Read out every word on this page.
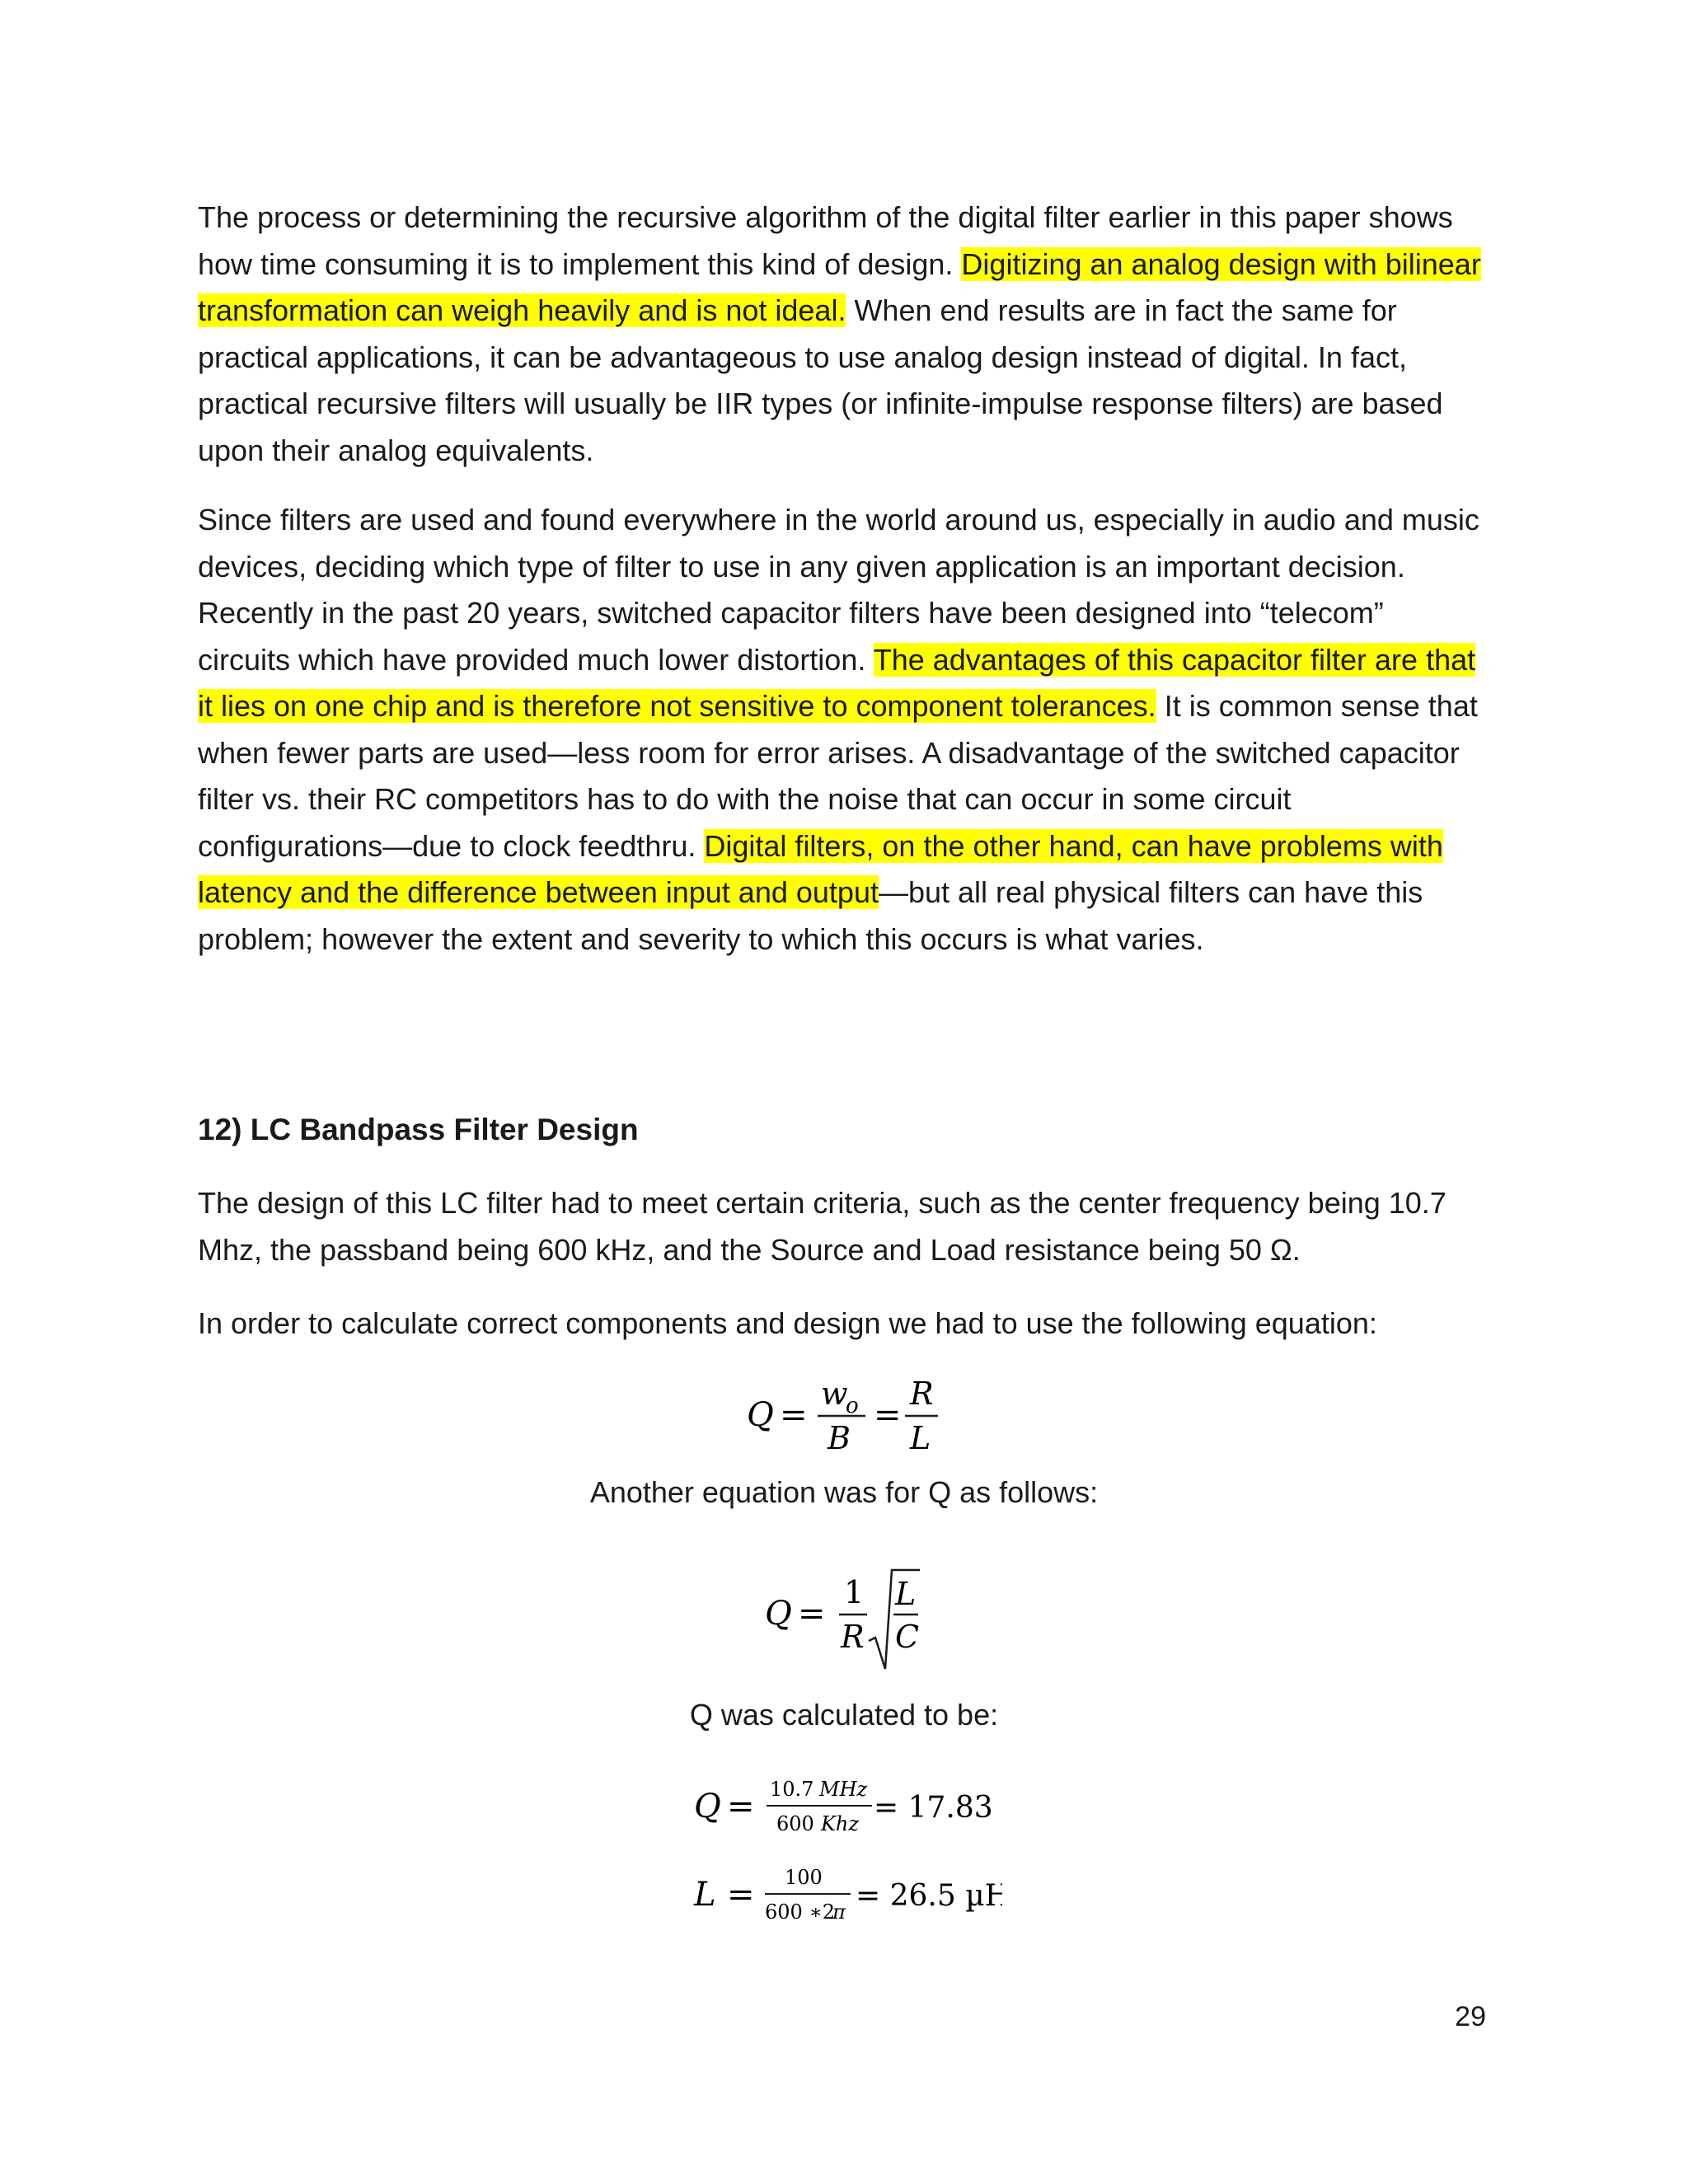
The process or determining the recursive algorithm of the digital filter earlier in this paper shows how time consuming it is to implement this kind of design. Digitizing an analog design with bilinear transformation can weigh heavily and is not ideal. When end results are in fact the same for practical applications, it can be advantageous to use analog design instead of digital. In fact, practical recursive filters will usually be IIR types (or infinite-impulse response filters) are based upon their analog equivalents.

Since filters are used and found everywhere in the world around us, especially in audio and music devices, deciding which type of filter to use in any given application is an important decision. Recently in the past 20 years, switched capacitor filters have been designed into “telecom” circuits which have provided much lower distortion. The advantages of this capacitor filter are that it lies on one chip and is therefore not sensitive to component tolerances. It is common sense that when fewer parts are used—less room for error arises. A disadvantage of the switched capacitor filter vs. their RC competitors has to do with the noise that can occur in some circuit configurations—due to clock feedthru. Digital filters, on the other hand, can have problems with latency and the difference between input and output—but all real physical filters can have this problem; however the extent and severity to which this occurs is what varies.

12) LC Bandpass Filter Design

The design of this LC filter had to meet certain criteria, such as the center frequency being 10.7 Mhz, the passband being 600 kHz, and the Source and Load resistance being 50 Ω.

In order to calculate correct components and design we had to use the following equation:

Q =
w
o
B
=
R
L

Another equation was for Q as follows:

Q =
1
R
L
C

Q was calculated to be:

Q = 10.7 MHz
600 Khz = 17.83
L = 100
600 ∗2
π = 26.5 µH
29
